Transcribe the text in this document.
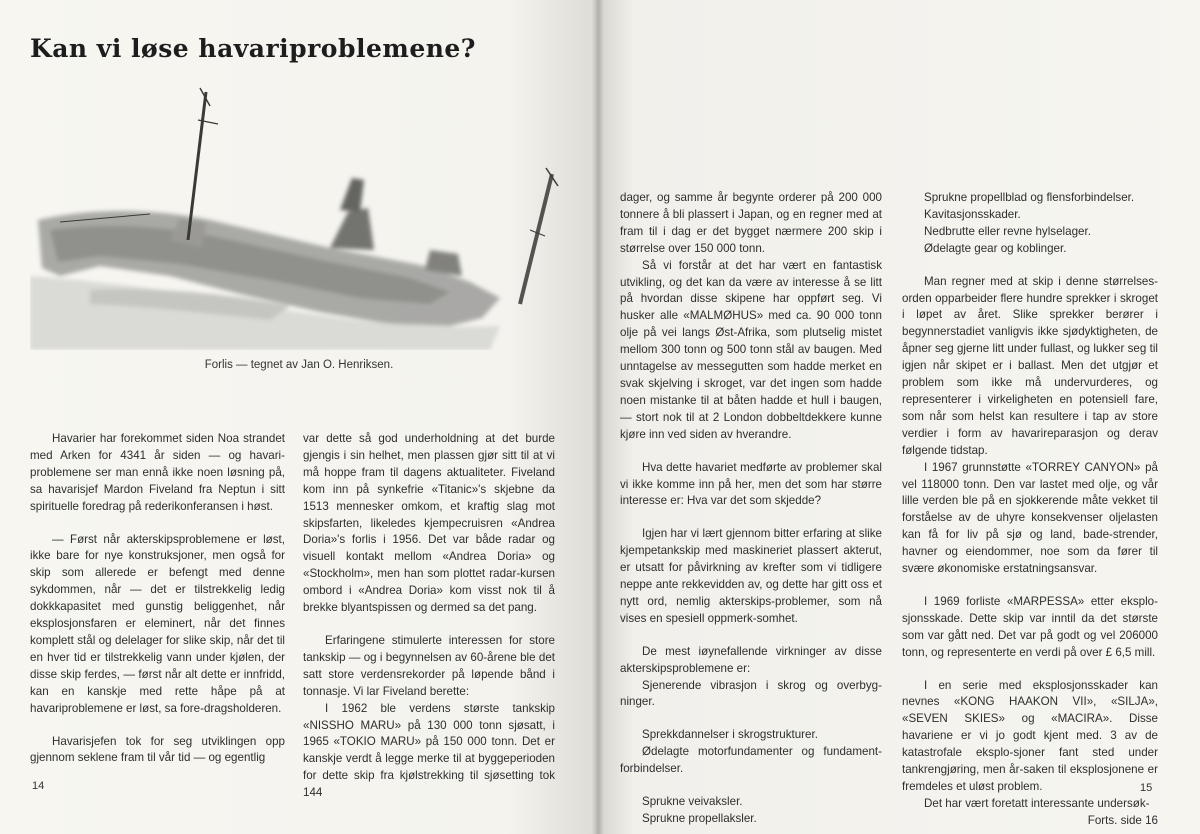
Kan vi løse havariproblemene?
Forlis — tegnet av Jan O. Henriksen.

Havarier har forekommet siden Noa strandet med Arken for 4341 år siden — og havari-problemene ser man ennå ikke noen løsning på, sa havarisjef Mardon Fiveland fra Neptun i sitt spirituelle foredrag på rederikonferansen i høst.

— Først når akterskipsproblemene er løst, ikke bare for nye konstruksjoner, men også for skip som allerede er befengt med denne sykdommen, når — det er tilstrekkelig ledig dokkkapasitet med gunstig beliggenhet, når eksplosjonsfaren er eleminert, når det finnes komplett stål og delelager for slike skip, når det til en hver tid er tilstrekkelig vann under kjølen, der disse skip ferdes, — først når alt dette er innfridd, kan en kanskje med rette håpe på at havariproblemene er løst, sa fore-dragsholderen.

Havarisjefen tok for seg utviklingen opp gjennom seklene fram til vår tid — og egentlig

var dette så god underholdning at det burde gjengis i sin helhet, men plassen gjør sitt til at vi må hoppe fram til dagens aktualiteter. Fiveland kom inn på synkefrie «Titanic»'s skjebne da 1513 mennesker omkom, et kraftig slag mot skipsfarten, likeledes kjempecruisren «Andrea Doria»'s forlis i 1956. Det var både radar og visuell kontakt mellom «Andrea Doria» og «Stockholm», men han som plottet radar-kursen ombord i «Andrea Doria» kom visst nok til å brekke blyantspissen og dermed sa det pang.

Erfaringene stimulerte interessen for store tankskip — og i begynnelsen av 60-årene ble det satt store verdensrekorder på løpende bånd i tonnasje. Vi lar Fiveland berette:

I 1962 ble verdens største tankskip «NISSHO MARU» på 130 000 tonn sjøsatt, i 1965 «TOKIO MARU» på 150 000 tonn. Det er kanskje verdt å legge merke til at byggeperioden for dette skip fra kjølstrekking til sjøsetting tok 144

14

dager, og samme år begynte orderer på 200 000 tonnere å bli plassert i Japan, og en regner med at fram til i dag er det bygget nærmere 200 skip i størrelse over 150 000 tonn.

Så vi forstår at det har vært en fantastisk utvikling, og det kan da være av interesse å se litt på hvordan disse skipene har oppført seg. Vi husker alle «MALMØHUS» med ca. 90 000 tonn olje på vei langs Øst-Afrika, som plutselig mistet mellom 300 tonn og 500 tonn stål av baugen. Med unntagelse av messegutten som hadde merket en svak skjelving i skroget, var det ingen som hadde noen mistanke til at båten hadde et hull i baugen, — stort nok til at 2 London dobbeltdekkere kunne kjøre inn ved siden av hverandre.

Hva dette havariet medførte av problemer skal vi ikke komme inn på her, men det som har større interesse er: Hva var det som skjedde?

Igjen har vi lært gjennom bitter erfaring at slike kjempetankskip med maskineriet plassert akterut, er utsatt for påvirkning av krefter som vi tidligere neppe ante rekkevidden av, og dette har gitt oss et nytt ord, nemlig akterskips-problemer, som nå vises en spesiell oppmerk-somhet.

De mest iøynefallende virkninger av disse akterskipsproblemene er:

Sjenerende vibrasjon i skrog og overbyg-ninger.

Sprekkdannelser i skrogstrukturer.

Ødelagte motorfundamenter og fundament-forbindelser.

Sprukne veivaksler.

Sprukne propellaksler.

Sprukne propellblad og flensforbindelser.

Kavitasjonsskader.

Nedbrutte eller revne hylselager.

Ødelagte gear og koblinger.

Man regner med at skip i denne størrelses-orden opparbeider flere hundre sprekker i skroget i løpet av året. Slike sprekker berører i begynnerstadiet vanligvis ikke sjødyktigheten, de åpner seg gjerne litt under fullast, og lukker seg til igjen når skipet er i ballast. Men det utgjør et problem som ikke må undervurderes, og representerer i virkeligheten en potensiell fare, som når som helst kan resultere i tap av store verdier i form av havarireparasjon og derav følgende tidstap.

I 1967 grunnstøtte «TORREY CANYON» på vel 118000 tonn. Den var lastet med olje, og vår lille verden ble på en sjokkerende måte vekket til forståelse av de uhyre konsekvenser oljelasten kan få for liv på sjø og land, bade-strender, havner og eiendommer, noe som da fører til svære økonomiske erstatningsansvar.

I 1969 forliste «MARPESSA» etter eksplo-sjonsskade. Dette skip var inntil da det største som var gått ned. Det var på godt og vel 206000 tonn, og representerte en verdi på over £ 6,5 mill.

I en serie med eksplosjonsskader kan nevnes «KONG HAAKON VII», «SILJA», «SEVEN SKIES» og «MACIRA». Disse havariene er vi jo godt kjent med. 3 av de katastrofale eksplo-sjoner fant sted under tankrengjøring, men år-saken til eksplosjonene er fremdeles et uløst problem.

Det har vært foretatt interessante undersøk-

Forts. side 16

15
